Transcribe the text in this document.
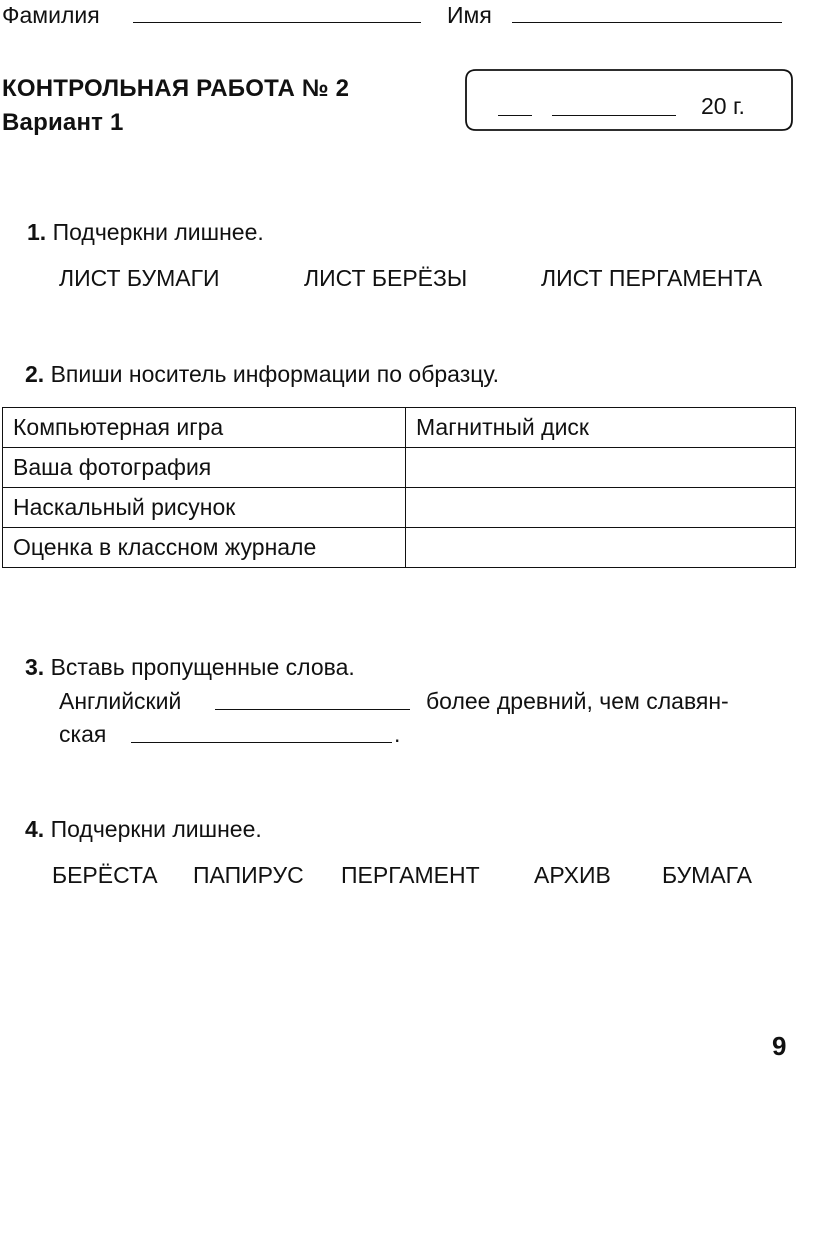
Фамилия	Имя
КОНТРОЛЬНАЯ РАБОТА № 2
Вариант 1
20 г.
1. Подчеркни лишнее.
ЛИСТ БУМАГИ	ЛИСТ БЕРЁЗЫ	ЛИСТ ПЕРГАМЕНТА
2. Впиши носитель информации по образцу.
Компьютерная игра	Магнитный диск
Ваша фотография	
Наскальный рисунок	
Оценка в классном журнале	
3. Вставь пропущенные слова.
Английский	более древний, чем славян-
ская	.
4. Подчеркни лишнее.
БЕРЁСТА ПАПИРУС ПЕРГАМЕНТ АРХИВ БУМАГА
9
